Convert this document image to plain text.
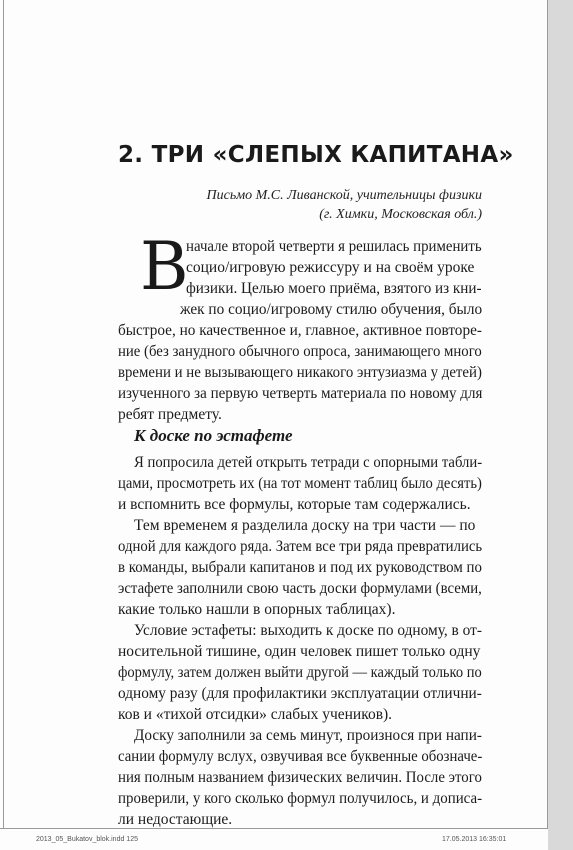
2. ТРИ «СЛЕПЫХ КАПИТАНА»
Письмо М.С. Ливанской, учительницы физики
(г. Химки, Московская обл.)
В
начале второй четверти я решилась применить
социо/игровую режиссуру и на своём уроке
физики. Целью моего приёма, взятого из кни-
жек по социо/игровому стилю обучения, было
быстрое, но качественное и, главное, активное повторе-
ние (без занудного обычного опроса, занимающего много
времени и не вызывающего никакого энтузиазма у детей)
изученного за первую четверть материала по новому для
ребят предмету.
К доске по эстафете
Я попросила детей открыть тетради с опорными табли-
цами, просмотреть их (на тот момент таблиц было десять)
и вспомнить все формулы, которые там содержались.
Тем временем я разделила доску на три части — по
одной для каждого ряда. Затем все три ряда превратились
в команды, выбрали капитанов и под их руководством по
эстафете заполнили свою часть доски формулами (всеми,
какие только нашли в опорных таблицах).
Условие эстафеты: выходить к доске по одному, в от-
носительной тишине, один человек пишет только одну
формулу, затем должен выйти другой — каждый только по
одному разу (для профилактики эксплуатации отлични-
ков и «тихой отсидки» слабых учеников).
Доску заполнили за семь минут, произнося при напи-
сании формулу вслух, озвучивая все буквенные обозначе-
ния полным названием физических величин. После этого
проверили, у кого сколько формул получилось, и дописа-
ли недостающие.
2013_05_Bukatov_blok.indd 125	17.05.2013 16:35:01
